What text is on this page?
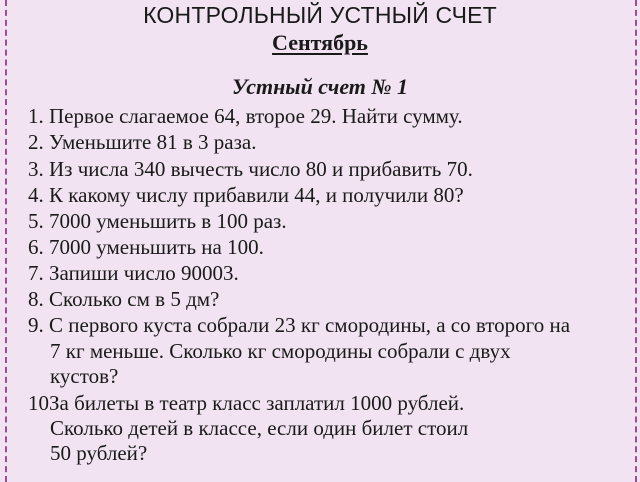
КОНТРОЛЬНЫЙ УСТНЫЙ СЧЕТ
Сентябрь
Устный счет № 1
1. Первое слагаемое 64, второе 29. Найти сумму.
2. Уменьшите 81 в 3 раза.
3. Из числа 340 вычесть число 80 и прибавить 70.
4. К какому числу прибавили 44, и получили 80?
5. 7000 уменьшить в 100 раз.
6. 7000 уменьшить на 100.
7. Запиши число 90003.
8. Сколько см в 5 дм?
9. С первого куста собрали 23 кг смородины, а со второго на
7 кг меньше. Сколько кг смородины собрали с двух
кустов?
10За билеты в театр класс заплатил 1000 рублей.
Сколько детей в классе, если один билет стоил
50 рублей?
